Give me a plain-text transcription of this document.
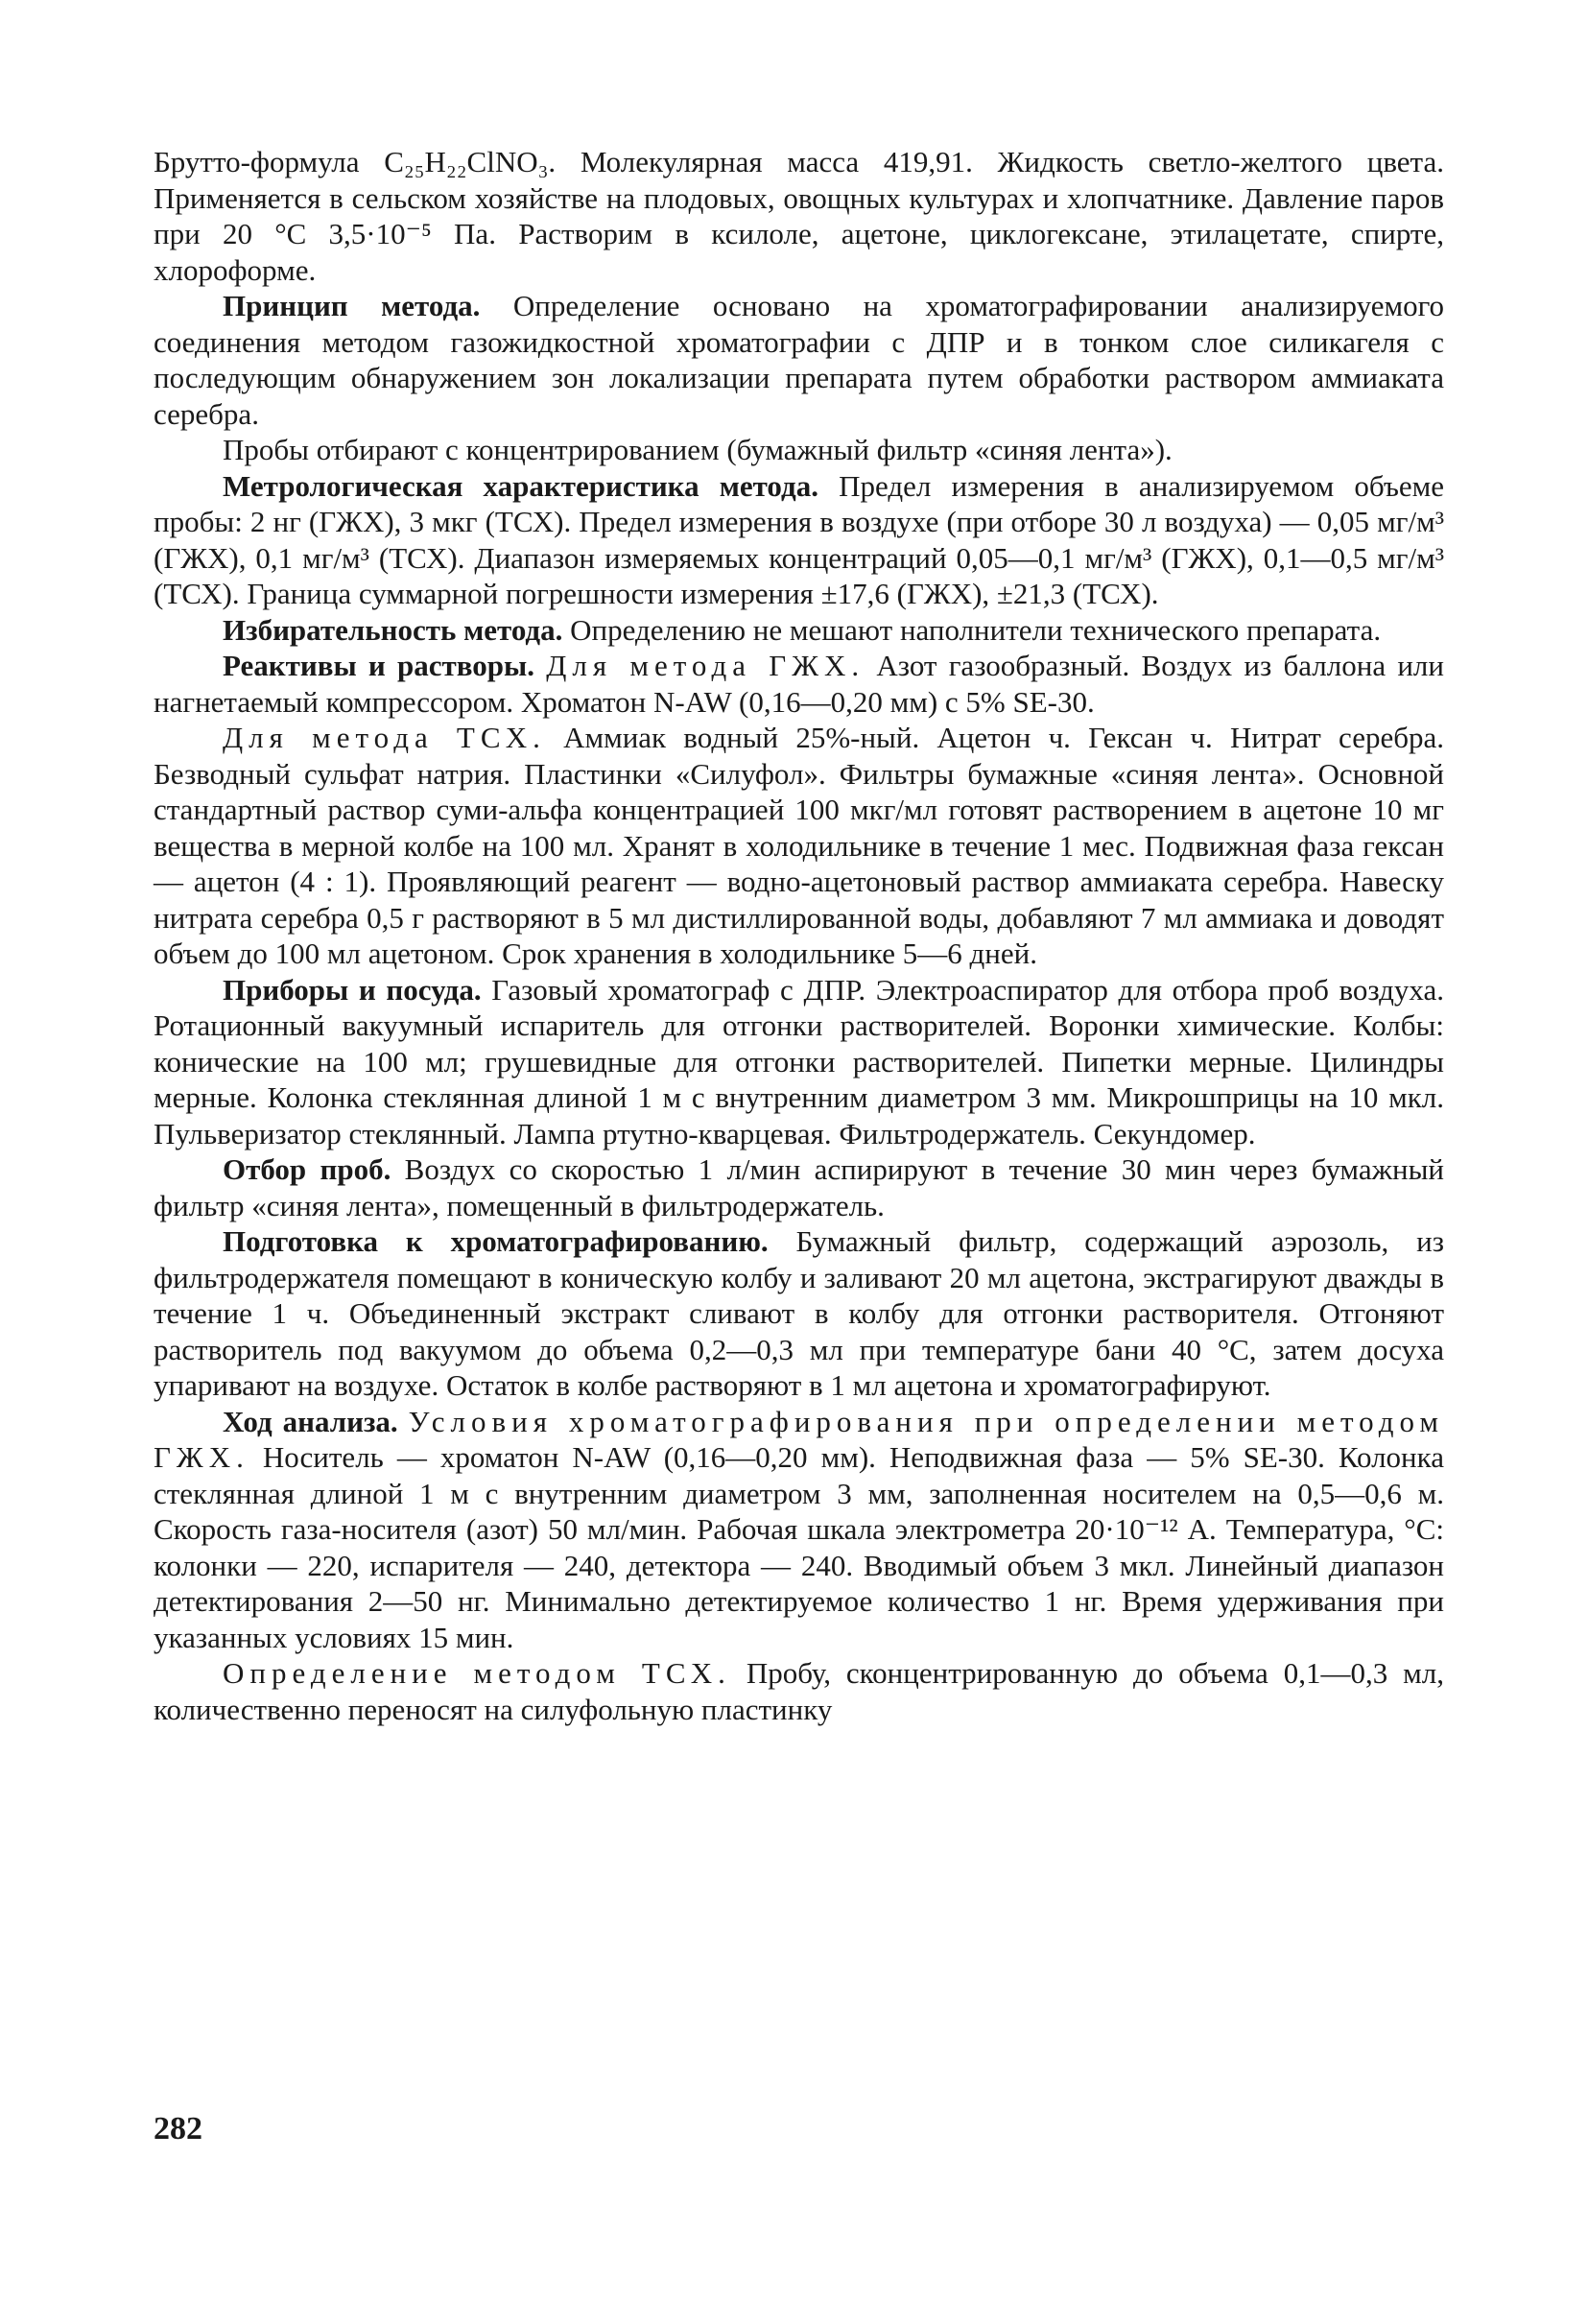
Брутто-формула C₂₅H₂₂ClNO₃. Молекулярная масса 419,91. Жидкость светло-желтого цвета. Применяется в сельском хозяйстве на плодовых, овощных культурах и хлопчатнике. Давление паров при 20 °С 3,5·10⁻⁵ Па. Растворим в ксилоле, ацетоне, циклогексане, этилацетате, спирте, хлороформе.

Принцип метода. Определение основано на хроматографировании анализируемого соединения методом газожидкостной хроматографии с ДПР и в тонком слое силикагеля с последующим обнаружением зон локализации препарата путем обработки раствором аммиаката серебра.

Пробы отбирают с концентрированием (бумажный фильтр «синяя лента»).

Метрологическая характеристика метода. Предел измерения в анализируемом объеме пробы: 2 нг (ГЖХ), 3 мкг (ТСХ). Предел измерения в воздухе (при отборе 30 л воздуха) — 0,05 мг/м³ (ГЖХ), 0,1 мг/м³ (ТСХ). Диапазон измеряемых концентраций 0,05—0,1 мг/м³ (ГЖХ), 0,1—0,5 мг/м³ (ТСХ). Граница суммарной погрешности измерения ±17,6 (ГЖХ), ±21,3 (ТСХ).

Избирательность метода. Определению не мешают наполнители технического препарата.

Реактивы и растворы. Для метода ГЖХ. Азот газообразный. Воздух из баллона или нагнетаемый компрессором. Хроматон N-AW (0,16—0,20 мм) с 5% SE-30.

Для метода ТСХ. Аммиак водный 25%-ный. Ацетон ч. Гексан ч. Нитрат серебра. Безводный сульфат натрия. Пластинки «Силуфол». Фильтры бумажные «синяя лента». Основной стандартный раствор суми-альфа концентрацией 100 мкг/мл готовят растворением в ацетоне 10 мг вещества в мерной колбе на 100 мл. Хранят в холодильнике в течение 1 мес. Подвижная фаза гексан — ацетон (4 : 1). Проявляющий реагент — водно-ацетоновый раствор аммиаката серебра. Навеску нитрата серебра 0,5 г растворяют в 5 мл дистиллированной воды, добавляют 7 мл аммиака и доводят объем до 100 мл ацетоном. Срок хранения в холодильнике 5—6 дней.

Приборы и посуда. Газовый хроматограф с ДПР. Электроаспиратор для отбора проб воздуха. Ротационный вакуумный испаритель для отгонки растворителей. Воронки химические. Колбы: конические на 100 мл; грушевидные для отгонки растворителей. Пипетки мерные. Цилиндры мерные. Колонка стеклянная длиной 1 м с внутренним диаметром 3 мм. Микрошприцы на 10 мкл. Пульверизатор стеклянный. Лампа ртутно-кварцевая. Фильтродержатель. Секундомер.

Отбор проб. Воздух со скоростью 1 л/мин аспирируют в течение 30 мин через бумажный фильтр «синяя лента», помещенный в фильтродержатель.

Подготовка к хроматографированию. Бумажный фильтр, содержащий аэрозоль, из фильтродержателя помещают в коническую колбу и заливают 20 мл ацетона, экстрагируют дважды в течение 1 ч. Объединенный экстракт сливают в колбу для отгонки растворителя. Отгоняют растворитель под вакуумом до объема 0,2—0,3 мл при температуре бани 40 °С, затем досуха упаривают на воздухе. Остаток в колбе растворяют в 1 мл ацетона и хроматографируют.

Ход анализа. Условия хроматографирования при определении методом ГЖХ. Носитель — хроматон N-AW (0,16—0,20 мм). Неподвижная фаза — 5% SE-30. Колонка стеклянная длиной 1 м с внутренним диаметром 3 мм, заполненная носителем на 0,5—0,6 м. Скорость газа-носителя (азот) 50 мл/мин. Рабочая шкала электрометра 20·10⁻¹² А. Температура, °С: колонки — 220, испарителя — 240, детектора — 240. Вводимый объем 3 мкл. Линейный диапазон детектирования 2—50 нг. Минимально детектируемое количество 1 нг. Время удерживания при указанных условиях 15 мин.

Определение методом ТСХ. Пробу, сконцентрированную до объема 0,1—0,3 мл, количественно переносят на силуфольную пластинку

282
